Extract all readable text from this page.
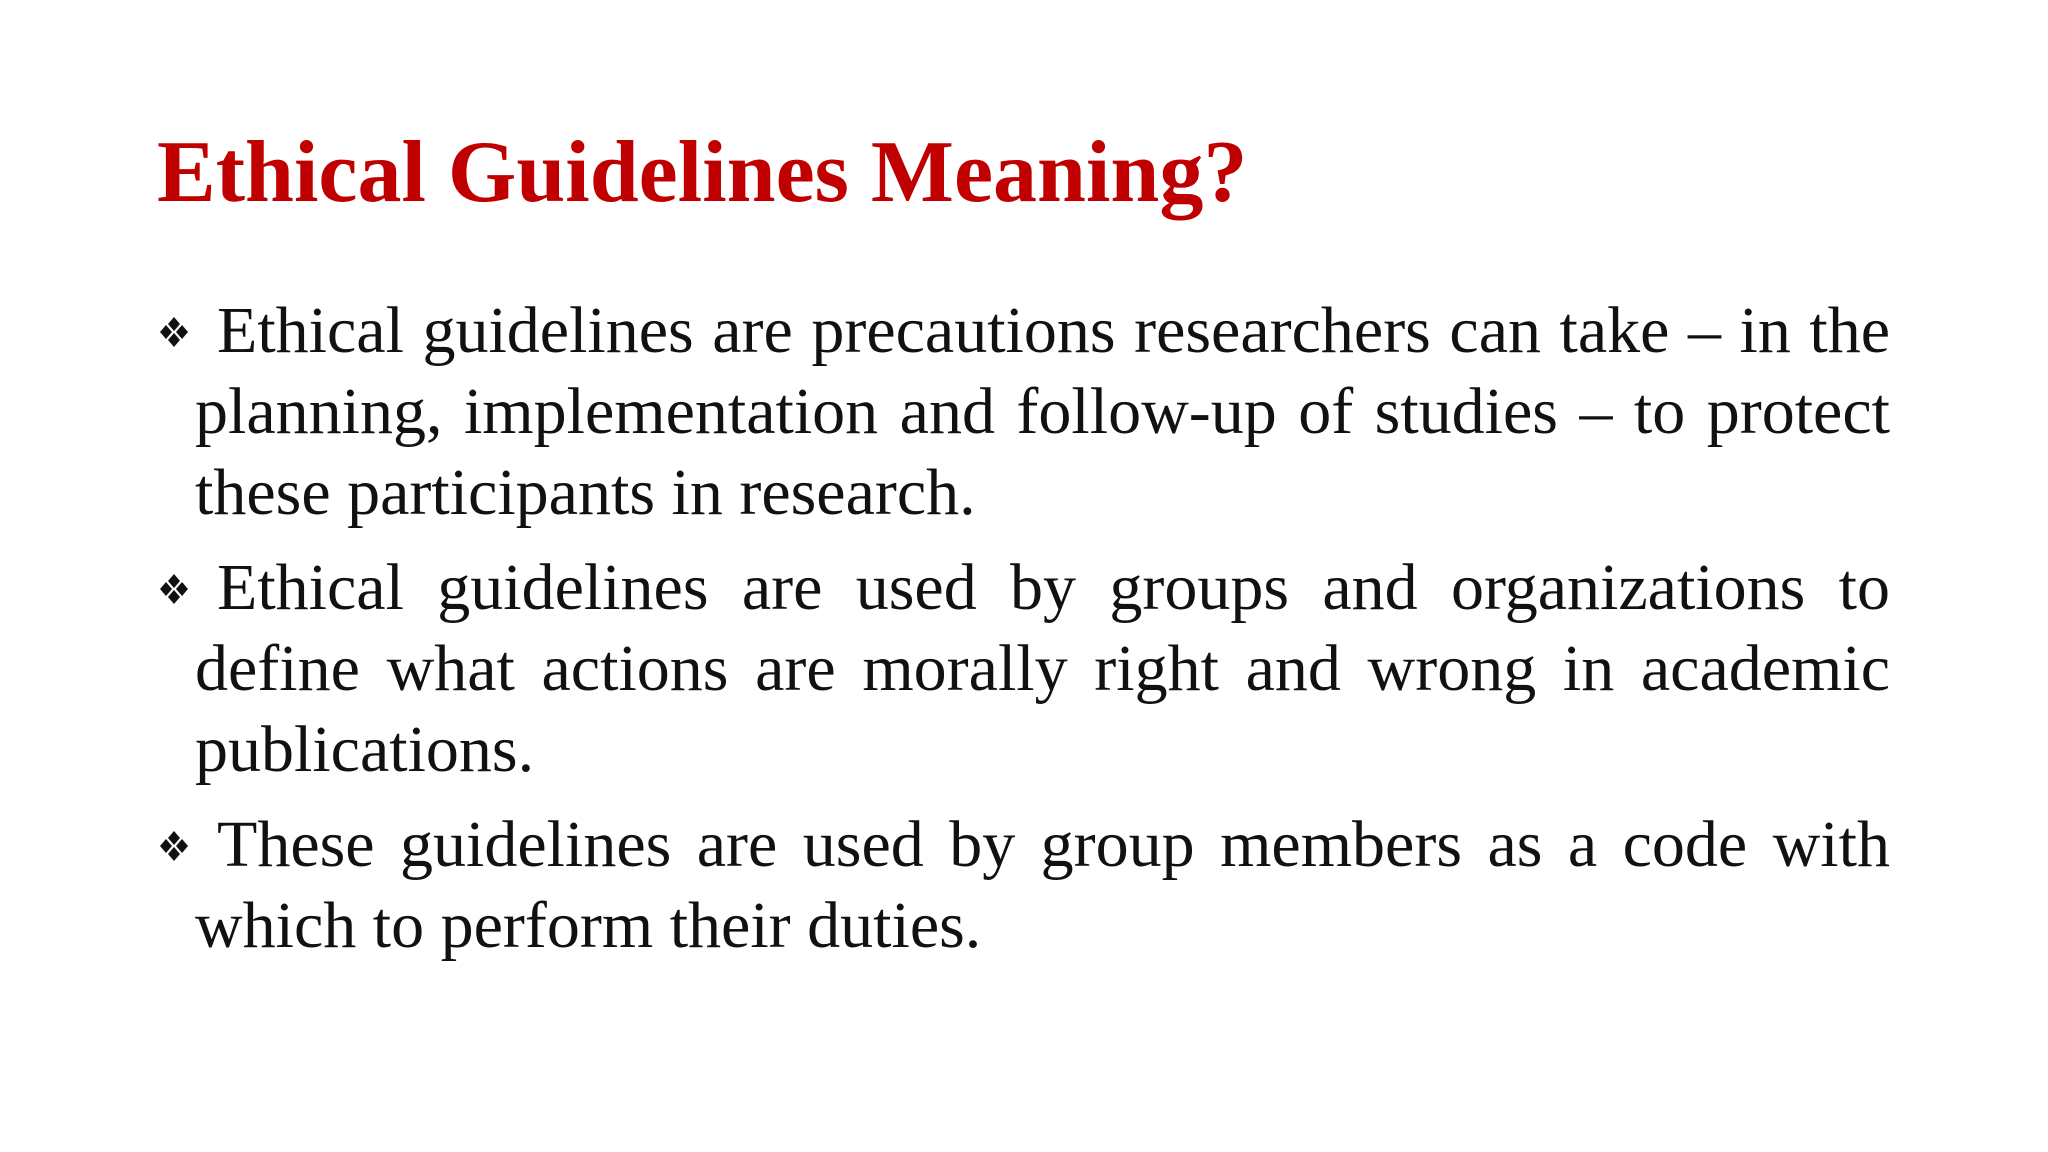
Ethical Guidelines Meaning?
Ethical guidelines are precautions researchers can take – in the planning, implementation and follow-up of studies – to protect these participants in research.
Ethical guidelines are used by groups and organizations to define what actions are morally right and wrong in academic publications.
These guidelines are used by group members as a code with which to perform their duties.
